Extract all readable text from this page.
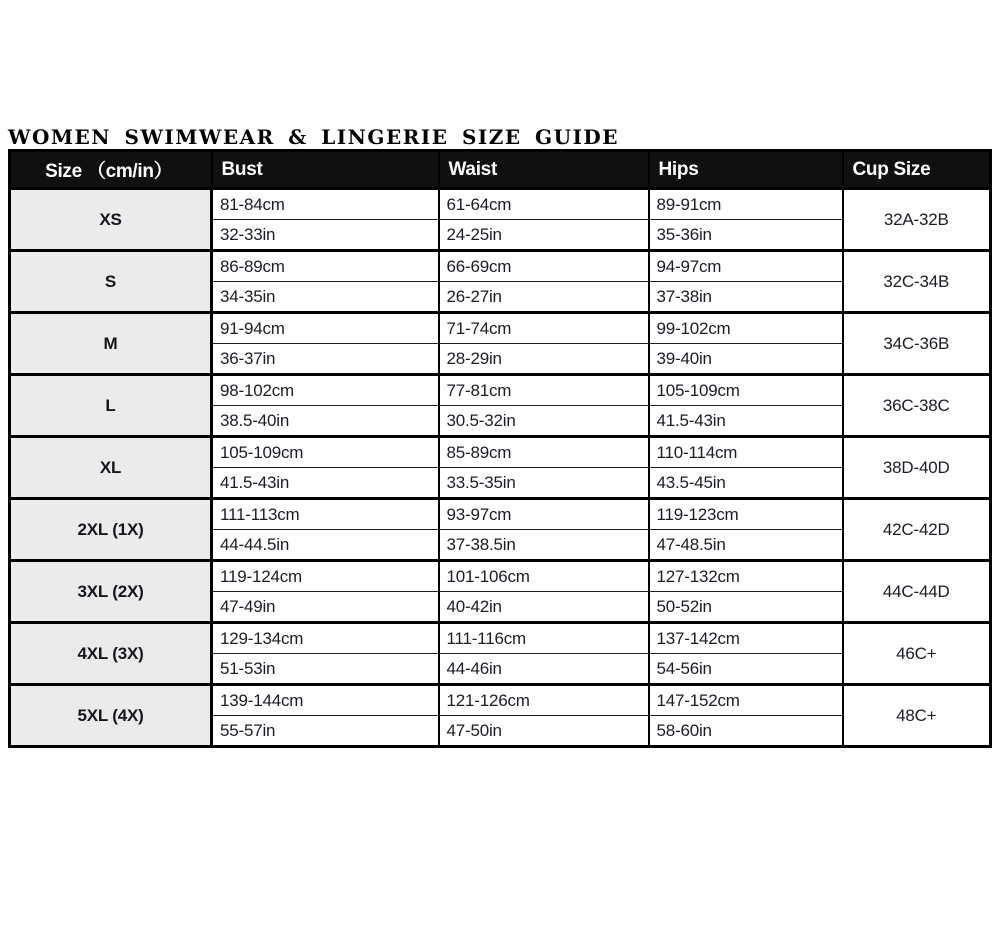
WOMEN SWIMWEAR & LINGERIE SIZE GUIDE
Size （cm/in）	Bust	Waist	Hips	Cup Size
XS	81-84cm	61-64cm	89-91cm	32A-32B
	32-33in	24-25in	35-36in	
S	86-89cm	66-69cm	94-97cm	32C-34B
	34-35in	26-27in	37-38in	
M	91-94cm	71-74cm	99-102cm	34C-36B
	36-37in	28-29in	39-40in	
L	98-102cm	77-81cm	105-109cm	36C-38C
	38.5-40in	30.5-32in	41.5-43in	
XL	105-109cm	85-89cm	110-114cm	38D-40D
	41.5-43in	33.5-35in	43.5-45in	
2XL (1X)	111-113cm	93-97cm	119-123cm	42C-42D
	44-44.5in	37-38.5in	47-48.5in	
3XL (2X)	119-124cm	101-106cm	127-132cm	44C-44D
	47-49in	40-42in	50-52in	
4XL (3X)	129-134cm	111-116cm	137-142cm	46C+
	51-53in	44-46in	54-56in	
5XL (4X)	139-144cm	121-126cm	147-152cm	48C+
	55-57in	47-50in	58-60in	
